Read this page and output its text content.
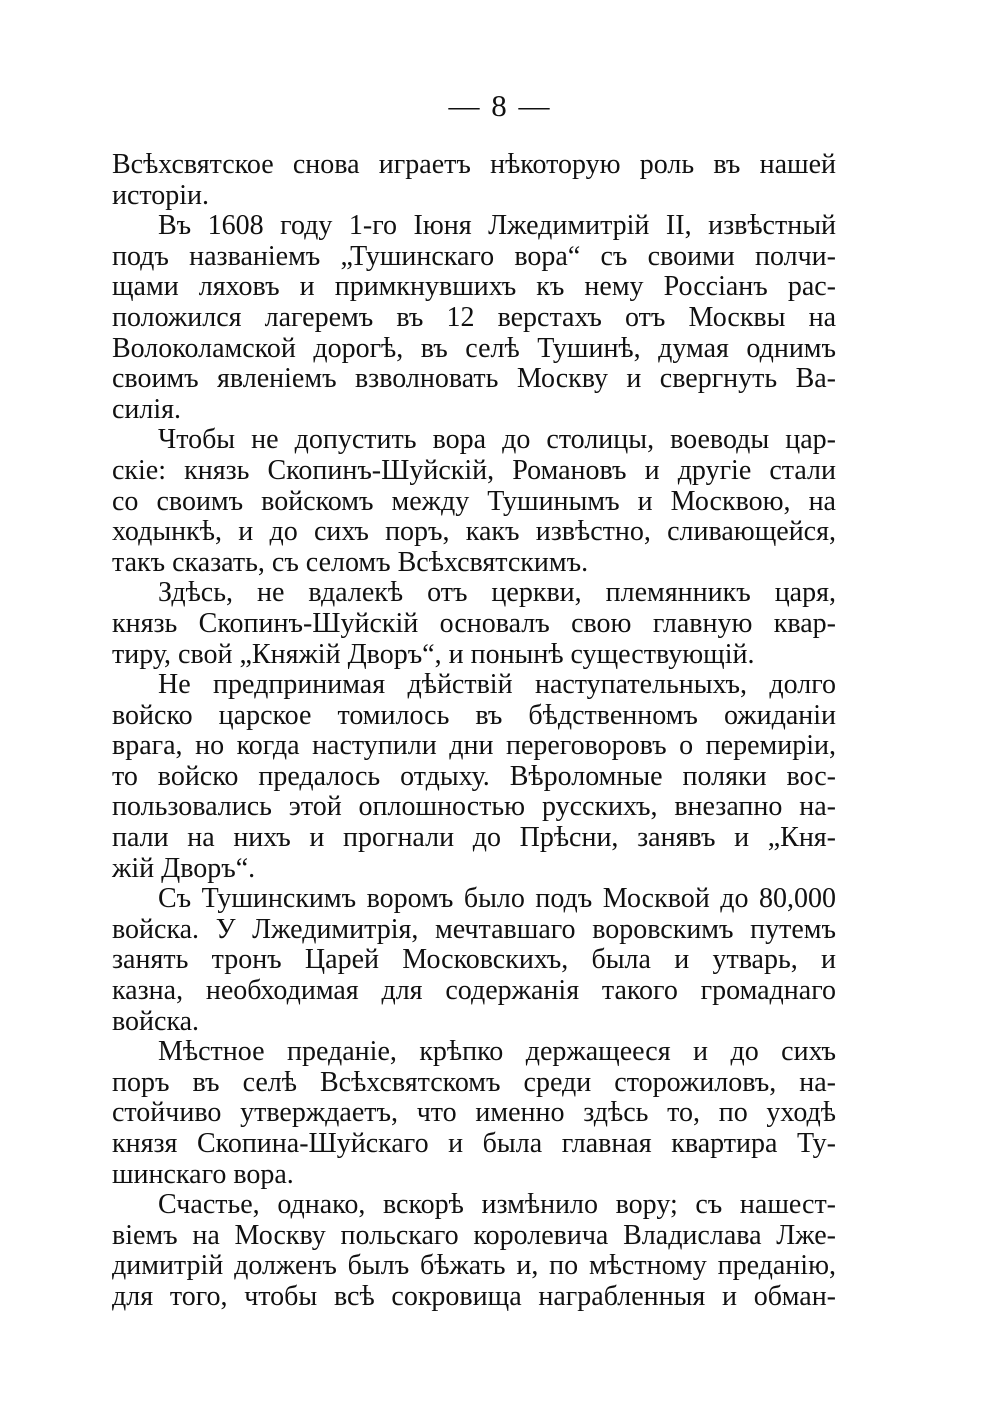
— 8 —
Всѣхсвятское снова играетъ нѣкоторую роль въ нашей
исторіи.
Въ 1608 году 1-го Іюня Лжедимитрій II, извѣстный
подъ названіемъ „Тушинскаго вора“ съ своими полчи-
щами ляховъ и примкнувшихъ къ нему Россіанъ рас-
положился лагеремъ въ 12 верстахъ отъ Москвы на
Волоколамской дорогѣ, въ селѣ Тушинѣ, думая однимъ
своимъ явленіемъ взволновать Москву и свергнуть Ва-
силія.
Чтобы не допустить вора до столицы, воеводы цар-
скіе: князь Скопинъ-Шуйскій, Романовъ и другіе стали
со своимъ войскомъ между Тушинымъ и Москвою, на
ходынкѣ, и до сихъ поръ, какъ извѣстно, сливающейся,
такъ сказать, съ селомъ Всѣхсвятскимъ.
Здѣсь, не вдалекѣ отъ церкви, племянникъ царя,
князь Скопинъ-Шуйскій основалъ свою главную квар-
тиру, свой „Княжій Дворъ“, и понынѣ существующій.
Не предпринимая дѣйствій наступательныхъ, долго
войско царское томилось въ бѣдственномъ ожиданіи
врага, но когда наступили дни переговоровъ о перемиріи,
то войско предалось отдыху. Вѣроломные поляки вос-
пользовались этой оплошностью русскихъ, внезапно на-
пали на нихъ и прогнали до Прѣсни, занявъ и „Кня-
жій Дворъ“.
Съ Тушинскимъ воромъ было подъ Москвой до 80,000
войска. У Лжедимитрія, мечтавшаго воровскимъ путемъ
занять тронъ Царей Московскихъ, была и утварь, и
казна, необходимая для содержанія такого громаднаго
войска.
Мѣстное преданіе, крѣпко держащееся и до сихъ
поръ въ селѣ Всѣхсвятскомъ среди сторожиловъ, на-
стойчиво утверждаетъ, что именно здѣсь то, по уходѣ
князя Скопина-Шуйскаго и была главная квартира Ту-
шинскаго вора.
Счастье, однако, вскорѣ измѣнило вору; съ нашест-
віемъ на Москву польскаго королевича Владислава Лже-
димитрій долженъ былъ бѣжать и, по мѣстному преданію,
для того, чтобы всѣ сокровища награбленныя и обман-
